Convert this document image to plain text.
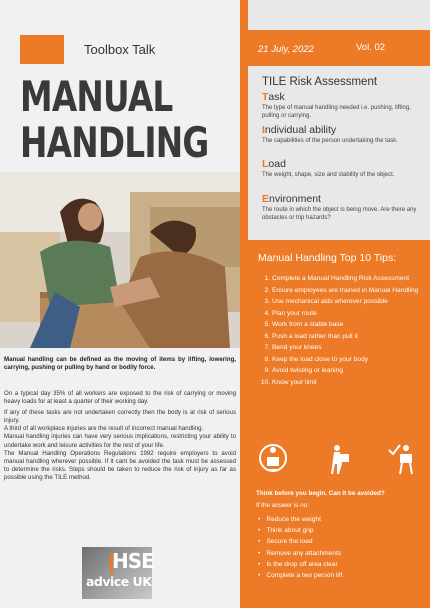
Toolbox Talk
MANUAL
HANDLING
Manual handling can be defined as the moving of items by lifting, lowering, carrying, pushing or pulling by hand or bodily force.

On a typical day 35% of all workers are exposed to the risk of carrying or moving heavy loads for at least a quarter of their working day.

If any of these tasks are not undertaken correctly then the body is at risk of serious injury.

A third of all workplace injuries are the result of incorrect manual handling.

Manual handling injuries can have very serious implications, restricting your ability to undertake work and leisure activities for the rest of your life.

The Manual Handling Operations Regulations 1992 require employers to avoid manual handling wherever possible. If it cant be avoided the task must be assessed to determine the risks. Steps should be taken to reduce the risk of injury as far as possible using the TILE method.

HSE
advice UK
21 July, 2022	Vol. 02
TILE Risk Assessment
Task
The type of manual handling needed i.e. pushing, lifting, pulling or carrying.
Individual ability
The capabilities of the person undertaking the task.
Load
The weight, shape, size and stability of the object.
Environment
The route in which the object is being move. Are there any obstacles or trip hazards?
Manual Handling Top 10 Tips:
1. Complete a Manual Handling Risk Assessment
2. Ensure employees are trained in Manual Handling
3. Use mechanical aids wherever possible
4. Plan your route
5. Work from a stable base
6. Push a load rather than pull it
7. Bend your knees
8. Keep the load close to your body
9. Avoid twisting or leaning
10. Know your limit
Think before you begin. Can it be avoided?
If the answer is no:
• Reduce the weight
• Think about grip
• Secure the load
• Remove any attachments
• Is the drop off area clear
• Complete a two person lift
